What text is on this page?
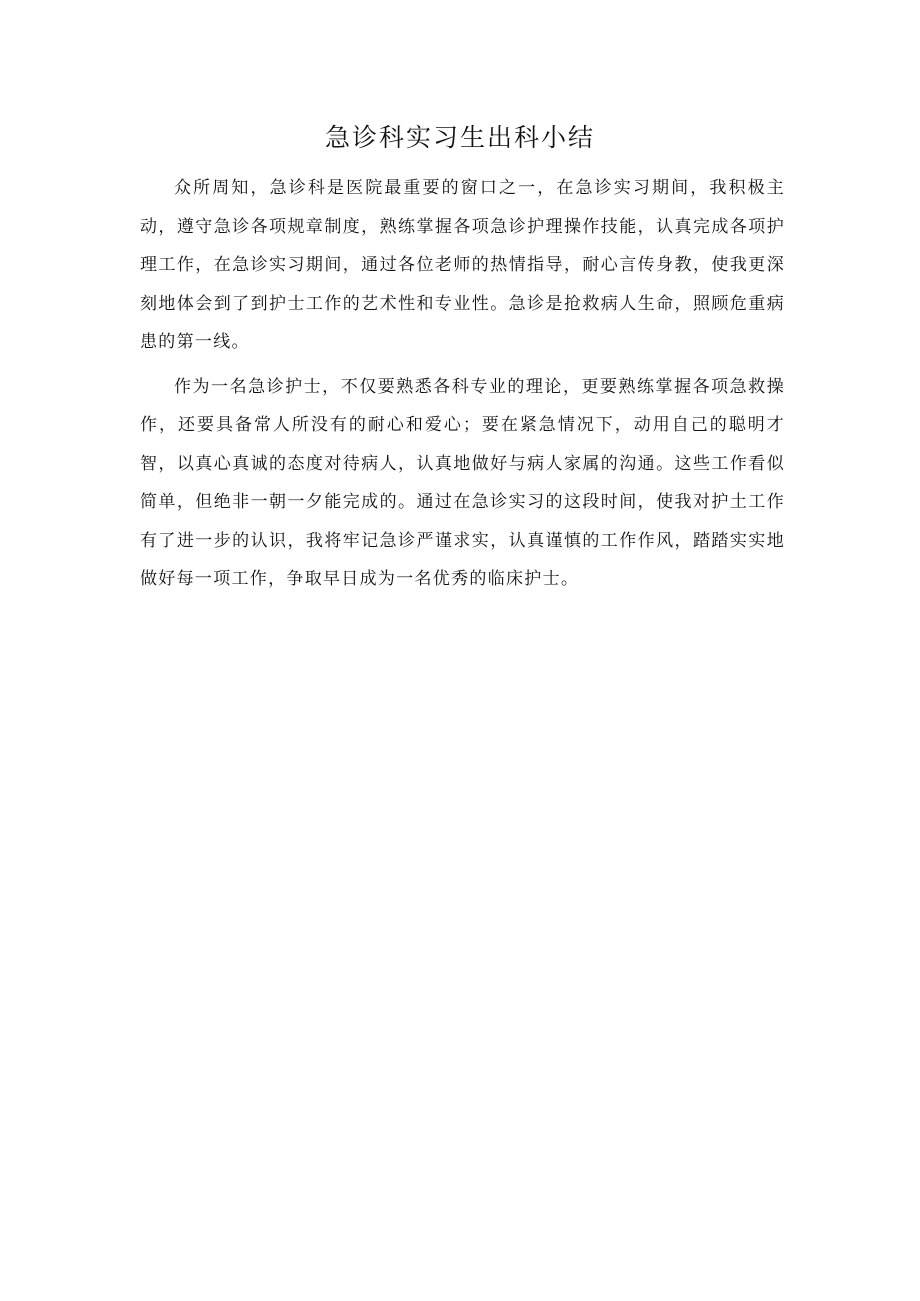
急诊科实习生出科小结

众所周知，急诊科是医院最重要的窗口之一，在急诊实习期间，我积极主动，遵守急诊各项规章制度，熟练掌握各项急诊护理操作技能，认真完成各项护理工作，在急诊实习期间，通过各位老师的热情指导，耐心言传身教，使我更深刻地体会到了到护士工作的艺术性和专业性。急诊是抢救病人生命，照顾危重病患的第一线。

作为一名急诊护士，不仅要熟悉各科专业的理论，更要熟练掌握各项急救操作，还要具备常人所没有的耐心和爱心；要在紧急情况下，动用自己的聪明才智，以真心真诚的态度对待病人，认真地做好与病人家属的沟通。这些工作看似简单，但绝非一朝一夕能完成的。通过在急诊实习的这段时间，使我对护土工作有了进一步的认识，我将牢记急诊严谨求实，认真谨慎的工作作风，踏踏实实地做好每一项工作，争取早日成为一名优秀的临床护士。
